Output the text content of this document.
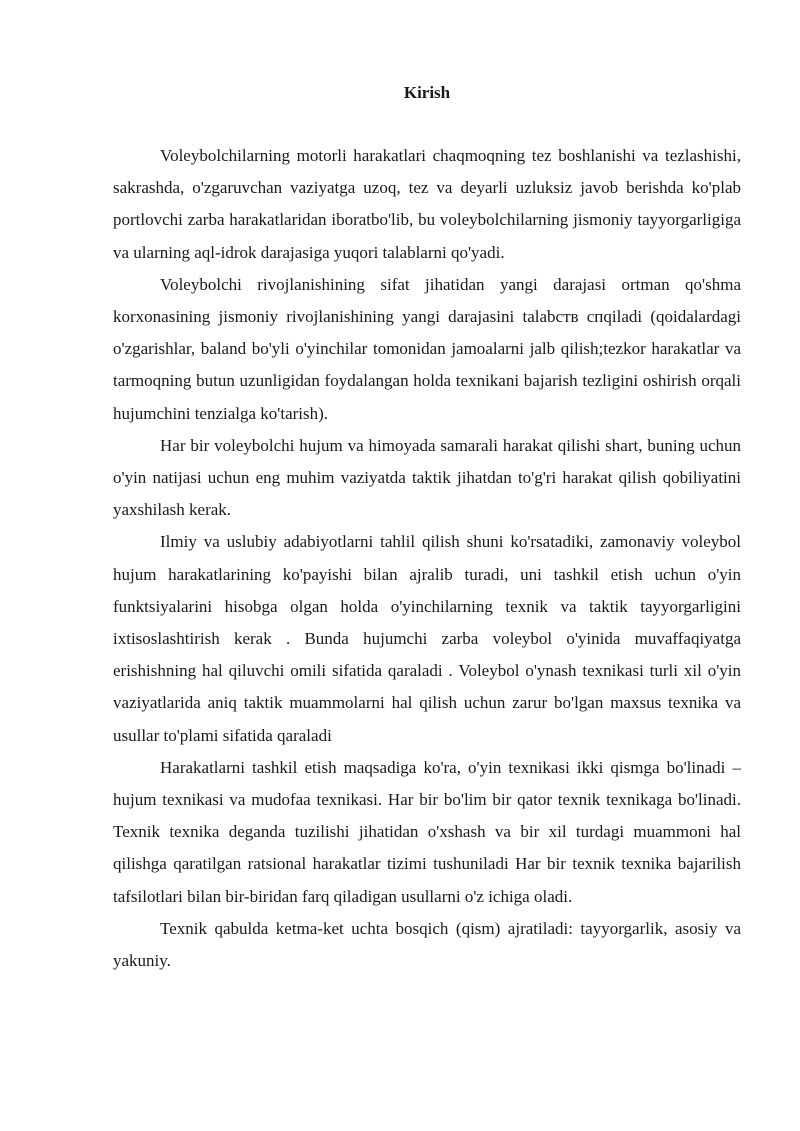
Kirish

Voleybolchilarning motorli harakatlari chaqmoqning tez boshlanishi va tezlashishi, sakrashda, o'zgaruvchan vaziyatga uzoq, tez va deyarli uzluksiz javob berishda ko'plab portlovchi zarba harakatlaridan iboratbo'lib, bu voleybolchilarning jismoniy tayyorgarligiga va ularning aql-idrok darajasiga yuqori talablarni qo'yadi.

Voleybolchi rivojlanishining sifat jihatidan yangi darajasi ortman qo'shma korxonasining jismoniy rivojlanishining yangi darajasini talabств cпqiladi (qoidalardagi o'zgarishlar, baland bo'yli o'yinchilar tomonidan jamoalarni jalb qilish;tezkor harakatlar va tarmoqning butun uzunligidan foydalangan holda texnikani bajarish tezligini oshirish orqali hujumchini tenzialga ko'tarish).

Har bir voleybolchi hujum va himoyada samarali harakat qilishi shart, buning uchun o'yin natijasi uchun eng muhim vaziyatda taktik jihatdan to'g'ri harakat qilish qobiliyatini yaxshilash kerak.

Ilmiy va uslubiy adabiyotlarni tahlil qilish shuni ko'rsatadiki, zamonaviy voleybol hujum harakatlarining ko'payishi bilan ajralib turadi, uni tashkil etish uchun o'yin funktsiyalarini hisobga olgan holda o'yinchilarning texnik va taktik tayyorgarligini ixtisoslashtirish kerak . Bunda hujumchi zarba voleybol o'yinida muvaffaqiyatga erishishning hal qiluvchi omili sifatida qaraladi . Voleybol o'ynash texnikasi turli xil o'yin vaziyatlarida aniq taktik muammolarni hal qilish uchun zarur bo'lgan maxsus texnika va usullar to'plami sifatida qaraladi

Harakatlarni tashkil etish maqsadiga ko'ra, o'yin texnikasi ikki qismga bo'linadi – hujum texnikasi va mudofaa texnikasi. Har bir bo'lim bir qator texnik texnikaga bo'linadi. Texnik texnika deganda tuzilishi jihatidan o'xshash va bir xil turdagi muammoni hal qilishga qaratilgan ratsional harakatlar tizimi tushuniladi Har bir texnik texnika bajarilish tafsilotlari bilan bir-biridan farq qiladigan usullarni o'z ichiga oladi.

Texnik qabulda ketma-ket uchta bosqich (qism) ajratiladi: tayyorgarlik, asosiy va yakuniy.
